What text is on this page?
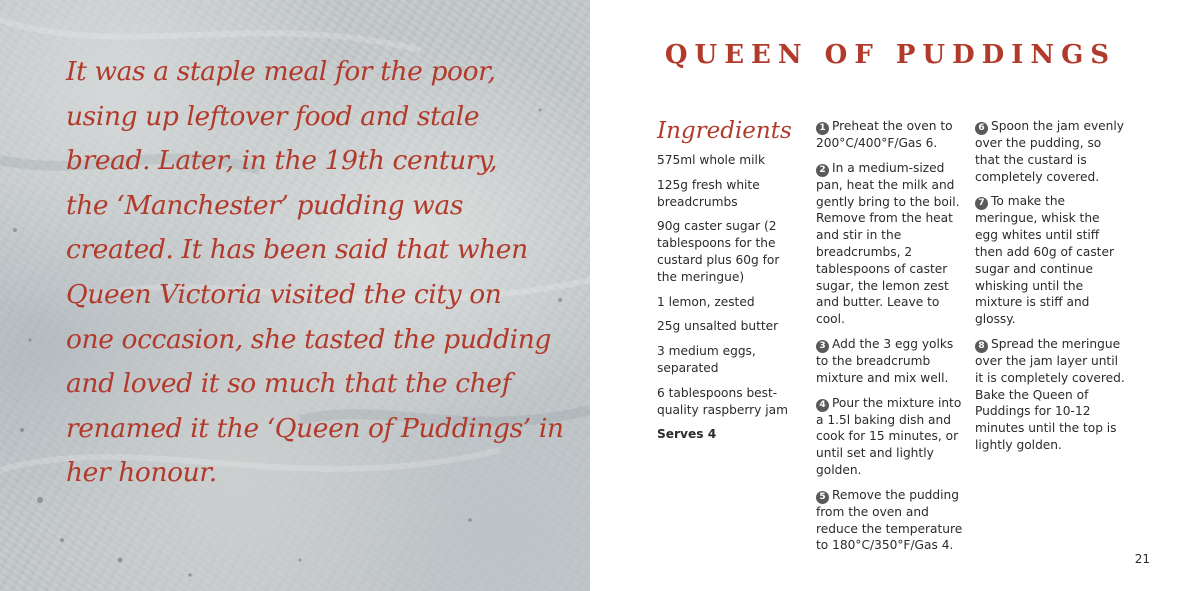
It was a staple meal for the poor,
using up leftover food and stale
bread. Later, in the 19th century,
the ‘Manchester’ pudding was
created. It has been said that when
Queen Victoria visited the city on
one occasion, she tasted the pudding
and loved it so much that the chef
renamed it the ‘Queen of Puddings’ in
her honour.

QUEEN OF PUDDINGS
Ingredients
575ml whole milk
125g fresh white breadcrumbs
90g caster sugar (2 tablespoons for the custard plus 60g for the meringue)
1 lemon, zested
25g unsalted butter
3 medium eggs, separated
6 tablespoons best-quality raspberry jam
Serves 4
1 Preheat the oven to 200°C/400°F/Gas 6.
2 In a medium-sized pan, heat the milk and gently bring to the boil. Remove from the heat and stir in the breadcrumbs, 2 tablespoons of caster sugar, the lemon zest and butter. Leave to cool.
3 Add the 3 egg yolks to the breadcrumb mixture and mix well.
4 Pour the mixture into a 1.5l baking dish and cook for 15 minutes, or until set and lightly golden.
5 Remove the pudding from the oven and reduce the temperature to 180°C/350°F/Gas 4.
6 Spoon the jam evenly over the pudding, so that the custard is completely covered.
7 To make the meringue, whisk the egg whites until stiff then add 60g of caster sugar and continue whisking until the mixture is stiff and glossy.
8 Spread the meringue over the jam layer until it is completely covered. Bake the Queen of Puddings for 10-12 minutes until the top is lightly golden.
21
